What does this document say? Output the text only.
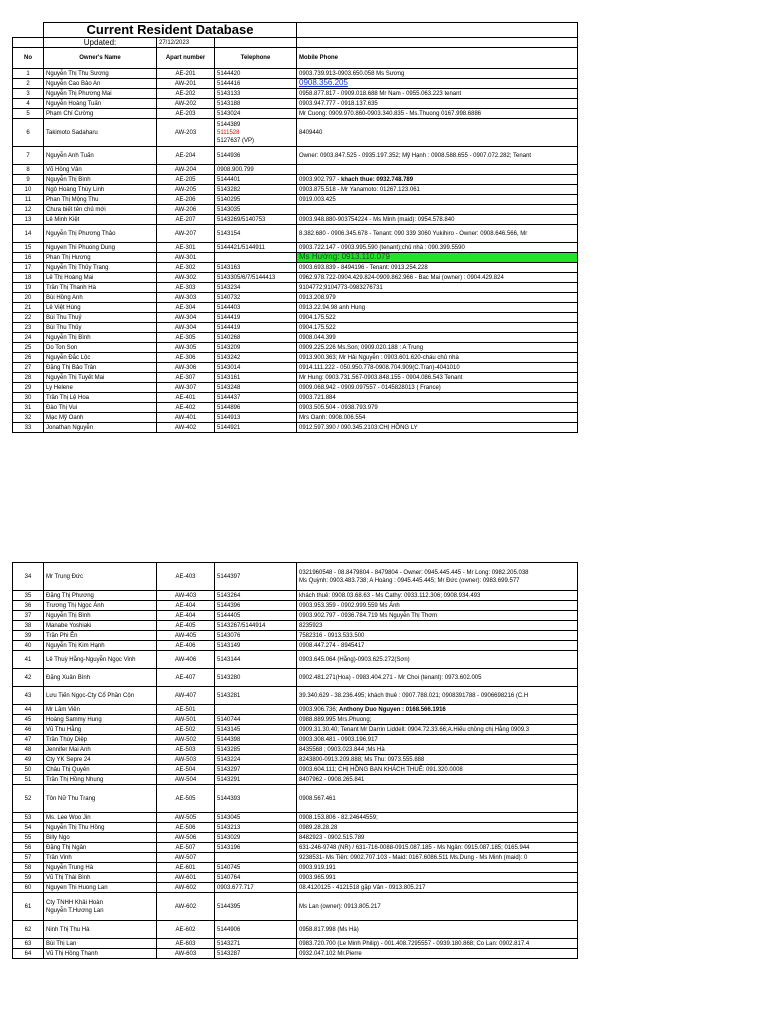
	Current Resident Database			
	Updated:	27/12/2023		
No	Owner's Name	Apart number	Telephone	Mobile Phone
1	Nguyễn Thị Thu Sương	AE-201	5144420	0903.739.913-0903.650.058 Ms Sương
2	Nguyễn Cao Bảo An	AW-201	5144416	0908.356.205
3	Nguyễn Thị Phương Mai	AE-202	5143133	0958.877.817 - 0909.018.688 Mr Nam - 0955.063.223 tenant
4	Nguyễn Hoàng Tuấn	AW-202	5143188	0903.947.777 - 0918.137.635
5	Phạm Chí Cường	AE-203	5143024	Mr Cuong: 0909.970.860-0903.340.835 - Ms.Thuong 0167.998.6886
6	Takimoto Sadaharu	AW-203	5144389
5111528
5127637 (VP)	8409440
7	Nguyễn Anh Tuấn	AE-204	5144936	Owner: 0903.847.525 - 0935.197.352; Mỹ Hạnh : 0908.588.655 - 0907.072.282; Tenant
8	Võ Hồng Vân	AW-204	0908.900.799	
9	Nguyễn Thị Bình	AE-205	5144401	0903.902.797 - khach thue: 0932.748.789
10	Ngô Hoàng Thùy Linh	AW-205	5143282	0903.875.518 - Mr Yanamoto: 01267.123.061
11	Phan Thị Mộng Thu	AE-206	5140295	0919.003.425
12	Chưa biết tên chủ mới	AW-206	5143035	
13	Lê Minh Kiệt	AE-207	5143269/5140753	0903.948.880-903754224 - Ms Minh (maid): 0954.578.840
14	Nguyễn Thị Phương Thảo	AW-207	5143154	8.382.680 - 0906.345.678 - Tenant: 090 339 3060 Yukihiro - Owner: 0908.646.566, Mr
15	Nguyen Thi Phuong Dung	AE-301	5144421/5144911	0903.722.147 - 0903.995.590 (tenant);chủ nhà : 090.399.5590
16	Phan Thị Hương	AW-301		Ms Hường: 0913.110.079
17	Nguyễn Thị Thủy Trang	AE-302	5143163	0903.693.839 - 8494196 - Tenant: 0913.254.228
18	Lê Thị Hoàng Mai	AW-302	5143305/6/7/5144413	0962.978.722-0904.429.824-0909.862.966 - Bac Mai (owner) : 0904.429.824
19	Trần Thị Thanh Hà	AE-303	5143234	9104772;9104773-0983276731
20	Bùi Hồng Anh	AW-303	5140732	0913.208.979
21	Lê Việt Hùng	AE-304	5144403	0913.22.94.98 anh Hung
22	Bùi Thu Thuỷ	AW-304	5144419	0904.175.522
23	Bùi Thu Thủy	AW-304	5144419	0904.175.522
24	Nguyễn Thị Bình	AE-305	5140268	0908.044.399
25	Do Ton Son	AW-305	5143209	0909.225.226 Ms.Son; 0909.020.188 : A Trung
26	Nguyễn Đắc Lộc	AE-306	5143242	0913.900.363; Mr Hải Nguyễn : 0903.601.620-cháu chủ nhà
27	Đặng Thị Bảo Trân	AW-306	5143014	0914.111.222 - 050.950.778-0908.704.909(C.Tran)-4041010
28	Nguyễn Thị Tuyết Mai	AE-307	5143161	Mr Hung: 0903.731.567-0903.848.155 - 0904.086.543 Tenant
29	Ly Helene	AW-307	5143248	0909.068.942 - 0909.097557 - 0145828013 ( France)
30	Trần Thị Lệ Hoa	AE-401	5144437	0903.721.884
31	Đào Thị Vui	AE-402	5144896	0903.505.504 - 0938.793.979
32	Mạc Mỹ Oanh	AW-401	5144913	Mrs Oanh: 0908.006.554
33	Jonathan Nguyễn	AW-402	5144921	0912.597.390 / 090.345.2103:CHỊ HỒNG LY
34	Mr Trung Đức	AE-403	5144397	0321960548 - 08.8479804 - 8479804 - Owner: 0945.445.445 - Mr Long: 0982.205.038
Ms Quỳnh: 0903.483.738; A Hoàng : 0945.445.445; Mr Đức (owner): 0983.699.577
35	Đặng Thị Phương	AW-403	5143264	khách thuê: 0908.03.68.63 - Ms Cathy: 0933.112.306; 0908.934.493
36	Trương Thị Ngọc Ánh	AE-404	5144396	0903.953.359 - 0902.999.559 Ms Ánh
37	Nguyễn Thị Bình	AE-404	5144405	0903.902.797 - 0936.784.719 Ms Nguyễn Thị Thơm
38	Manabe Yoshiaki	AE-405	5143267/5144914	8235923
39	Trần Phi Ên	AW-405	5143076	7582316 - 0913.533.500
40	Nguyễn Thị Kim Hạnh	AE-406	5143149	0908.447.274 - 8945417
41	Lê Thuỳ Hằng-Nguyễn Ngọc Vinh	AW-406	5143144	0903.645.064 (Hằng)-0903.625.272(Sơn)
42	Đặng Xuân Bình	AE-407	5143280	0902.481.271(Hoa) - 0983.404.271 - Mr Choi (tenant): 0973.602.005
43	Lưu Tiến Ngọc-Cty Cổ Phần Cộn	AW-407	5143281	39.340.629 - 38.236.495; khách thuê : 0907.788.021; 0908391788 - 0906698216 (C.H
44	Mr Lâm Viên	AE-501		0903.906.736; Anthony Duo Nguyen : 0168.566.1916
45	Hoàng Sammy Hung	AW-501	5140744	0988.889.995 Mrs.Phuong;
46	Vũ Thu Hằng	AE-502	5143145	0909.31.30.40; Tenant Mr Darrin Liddell: 0904.72.33.66;A.Hiếu chồng chị Hằng 0909.3
47	Trần Thùy Diệp	AW-502	5144398	0903.308.481 - 0903.196.917
48	Jennifer Mai Anh	AE-503	5143285	8435568 ; 0903.023.844 ;Ms Hà
49	Cty YK Sepre 24	AW-503	5143224	8243800-0913.209.888; Ms Thu: 0973.555.888
50	Châu Thị Quyên	AE-504	5143297	0903.604.111; CHỊ HỒNG BẠN KHÁCH THUÊ: 091.320.0008
51	Trần Thị Hồng Nhung	AW-504	5143291	8407962 - 0908.265.841
52	Tôn Nữ Thu Trang	AE-505	5144393	0908.567.461
53	Ms. Lee Woo Jin	AW-505	5143045	0908.153.806 - 82.24644559;
54	Nguyễn Thị Thu Hồng	AE-506	5143213	0989.28.28.28
55	Billy Ngo	AW-506	5143029	8482923 - 0902.515.789
56	Đặng Thị Ngân	AE-507	5143196	631-246-9748 (NR) / 631-716-0088-0915.087.185 - Ms Ngân: 0915.087.185; 0165.944
57	Trần Vinh	AW-507		9238531- Ms Tiên: 0902.707.103 - Maid: 0167.6086.511 Ms.Dung - Ms Minh (maid): 0
58	Nguyễn Trung Hà	AE-601	5140745	0903.919.191
59	Vũ Thị Thái Bình	AW-601	5140764	0903.965.991
60	Nguyen Thi Huong Lan	AW-602	0903.677.717	08.4120125 - 4121518 gặp Vân - 0913.805.217
61	Cty TNHH Khải Hoàn
Nguyễn T.Hương Lan	AW-602	5144395	Ms Lan (owner): 0913.805.217
62	Ninh Thị Thu Hà	AE-602	5144906	0958.817.998 (Ms Hà)
63	Bùi Thị Lan	AE-603	5143271	0983.720.700 (Le Minh Philip) - 001.408.7295557 - 0939.180.868; Co Lan: 0902.817.4
64	Vũ Thị Hồng Thanh	AW-603	5143287	0932.047.102 Mr.Pierre
